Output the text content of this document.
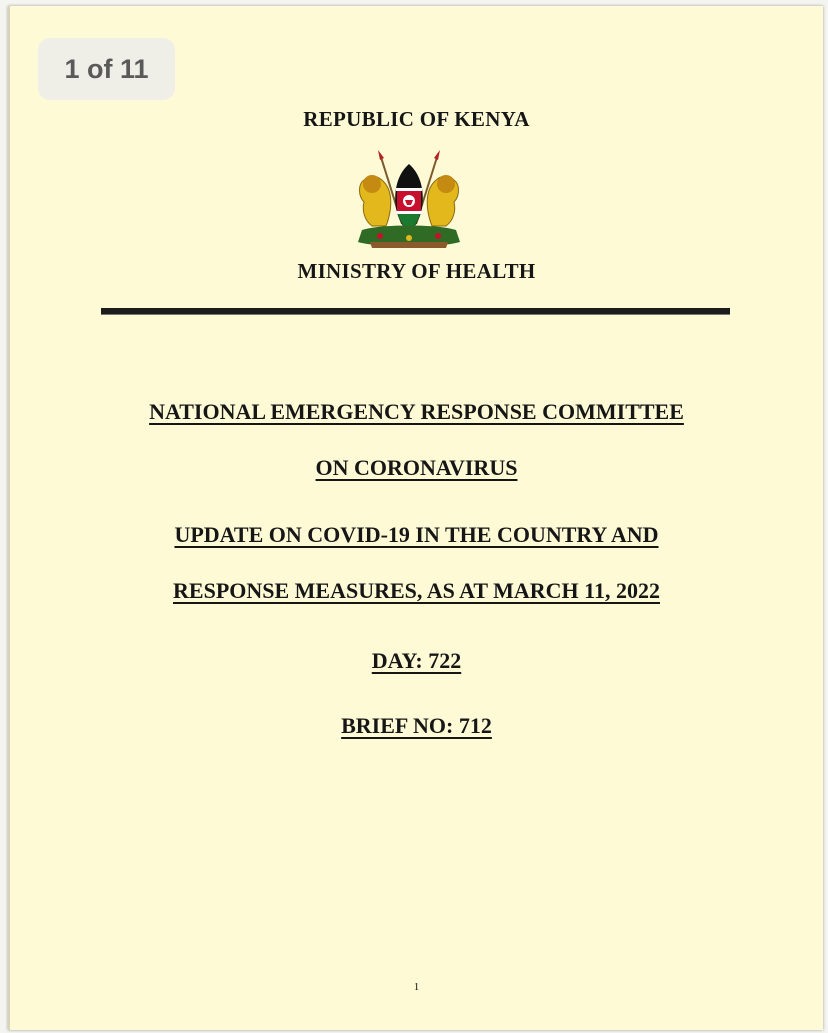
REPUBLIC OF KENYA
MINISTRY OF HEALTH
NATIONAL EMERGENCY RESPONSE COMMITTEE
ON CORONAVIRUS
UPDATE ON COVID-19 IN THE COUNTRY AND
RESPONSE MEASURES, AS AT MARCH 11, 2022
DAY: 722
BRIEF NO: 712
1
1 of 11
